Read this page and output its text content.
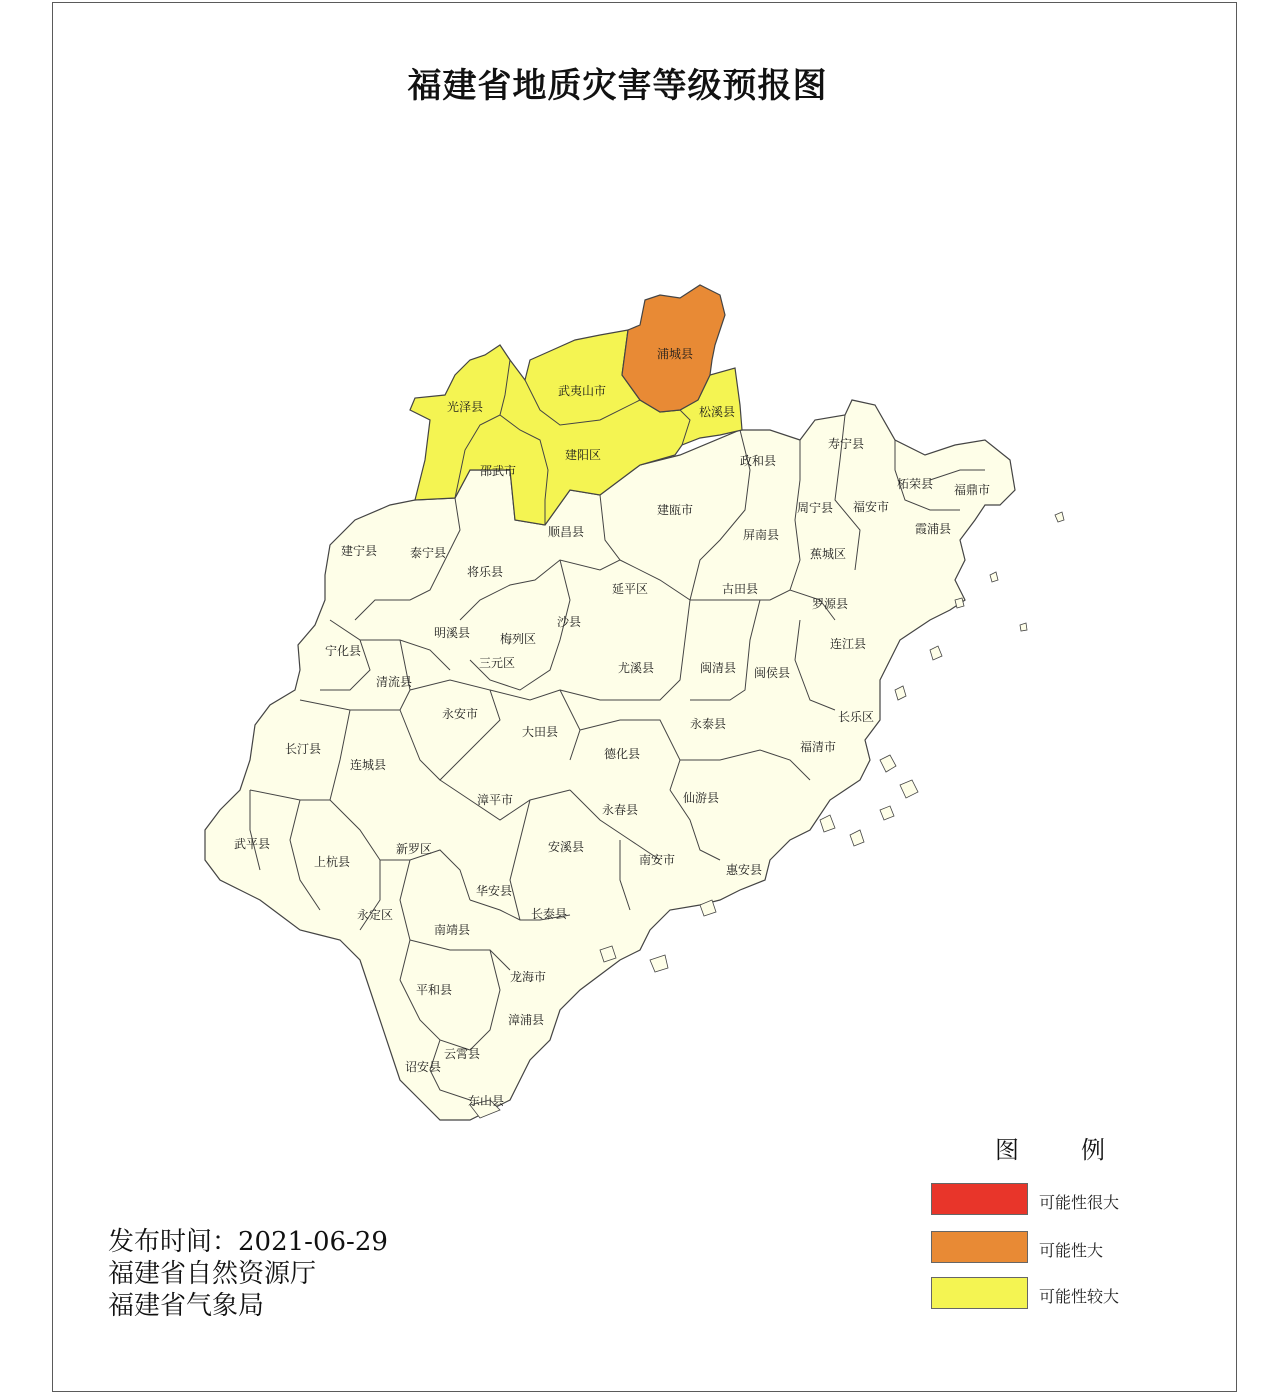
福建省地质灾害等级预报图
浦城县
光泽县
武夷山市
松溪县
邵武市
建阳区
寿宁县
政和县
柘荣县 福鼎市
周宁县 福安市
霞浦县
建瓯市
屏南县
蕉城区
建宁县	泰宁县
顺昌县
将乐县
延平区	古田县
罗源县
沙县
明溪县 梅列区	连江县
宁化县
三元区	尤溪县	闽清县 闽侯县
清流县
永安市	长乐区
大田县
永泰县
长汀县	德化县	福清市
连城县
漳平市
永春县
仙游县
武平县	新罗区	安溪县
南安市
上杭县
惠安县
华安县
永定区	长泰县
南靖县
龙海市
平和县
漳浦县
云霄县
诏安县
东山县
图	例
可能性很大
可能性大
可能性较大
发布时间：2021-06-29
福建省自然资源厅
福建省气象局
